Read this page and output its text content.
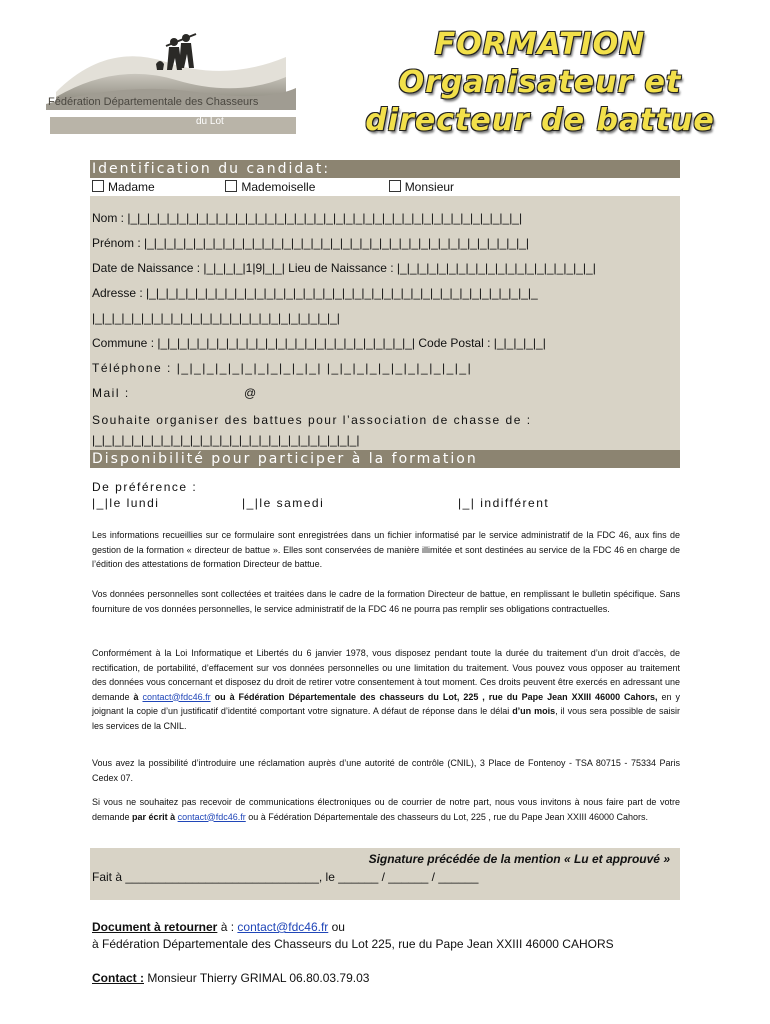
Fédération Départementale des Chasseurs
du Lot
FORMATION
Organisateur et
directeur de battue
Identification du candidat:
Madame	Mademoiselle	Monsieur
Nom : |_|_|_|_|_|_|_|_|_|_|_|_|_|_|_|_|_|_|_|_|_|_|_|_|_|_|_|_|_|_|_|_|_|_|_|_|_|_|_|_|
Prénom : |_|_|_|_|_|_|_|_|_|_|_|_|_|_|_|_|_|_|_|_|_|_|_|_|_|_|_|_|_|_|_|_|_|_|_|_|_|_|_|
Date de Naissance : |_|_|_|_|1|9|_|_| Lieu de Naissance : |_|_|_|_|_|_|_|_|_|_|_|_|_|_|_|_|_|_|_|_|
Adresse : |_|_|_|_|_|_|_|_|_|_|_|_|_|_|_|_|_|_|_|_|_|_|_|_|_|_|_|_|_|_|_|_|_|_|_|_|_|_|_|_
|_|_|_|_|_|_|_|_|_|_|_|_|_|_|_|_|_|_|_|_|_|_|_|_|_|
Commune : |_|_|_|_|_|_|_|_|_|_|_|_|_|_|_|_|_|_|_|_|_|_|_|_|_|_| Code Postal : |_|_|_|_|_|
Téléphone : |_|_|_|_|_|_|_|_|_|_|_| |_|_|_|_|_|_|_|_|_|_|_|
Mail :	@
Souhaite organiser des battues pour l’association de chasse de :
|_|_|_|_|_|_|_|_|_|_|_|_|_|_|_|_|_|_|_|_|_|_|_|_|_|_|_|
Disponibilité pour participer à la formation
De préférence :
|_|le lundi	|_|le samedi	|_| indifférent
Les informations recueillies sur ce formulaire sont enregistrées dans un fichier informatisé par le service administratif de la FDC 46, aux fins de gestion de la formation « directeur de battue ». Elles sont conservées de manière illimitée et sont destinées au service de la FDC 46 en charge de l’édition des attestations de formation Directeur de battue.
Vos données personnelles sont collectées et traitées dans le cadre de la formation Directeur de battue, en remplissant le bulletin spécifique. Sans fourniture de vos données personnelles, le service administratif de la FDC 46 ne pourra pas remplir ses obligations contractuelles.
Conformément à la Loi Informatique et Libertés du 6 janvier 1978, vous disposez pendant toute la durée du traitement d’un droit d’accès, de rectification, de portabilité, d’effacement sur vos données personnelles ou une limitation du traitement. Vous pouvez vous opposer au traitement des données vous concernant et disposez du droit de retirer votre consentement à tout moment. Ces droits peuvent être exercés en adressant une demande à contact@fdc46.fr ou à Fédération Départementale des chasseurs du Lot, 225 , rue du Pape Jean XXIII 46000 Cahors, en y joignant la copie d’un justificatif d’identité comportant votre signature. A défaut de réponse dans le délai d’un mois, il vous sera possible de saisir les services de la CNIL.
Vous avez la possibilité d’introduire une réclamation auprès d’une autorité de contrôle (CNIL), 3 Place de Fontenoy - TSA 80715 - 75334 Paris Cedex 07.
Si vous ne souhaitez pas recevoir de communications électroniques ou de courrier de notre part, nous vous invitons à nous faire part de votre demande par écrit à contact@fdc46.fr ou à Fédération Départementale des chasseurs du Lot, 225 , rue du Pape Jean XXIII 46000 Cahors.
Signature précédée de la mention « Lu et approuvé »
Fait à _____________________________, le ______ / ______ / ______
Document à retourner à : contact@fdc46.fr ou
à Fédération Départementale des Chasseurs du Lot 225, rue du Pape Jean XXIII 46000 CAHORS
Contact : Monsieur Thierry GRIMAL 06.80.03.79.03
